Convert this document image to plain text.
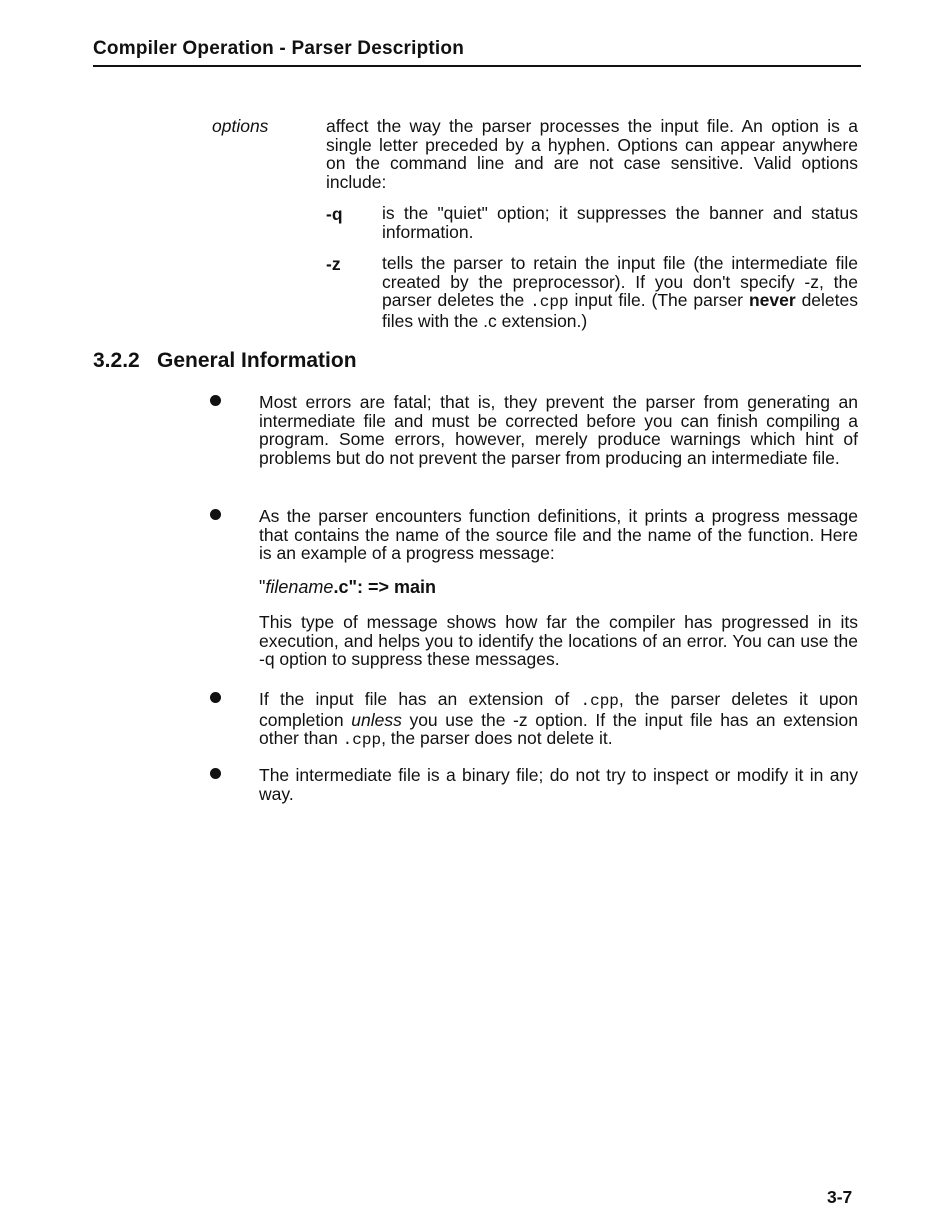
Compiler Operation - Parser Description
options	affect the way the parser processes the input file. An option is a single letter preceded by a hyphen. Options can appear anywhere on the command line and are not case sensitive. Valid options include:
-q is the "quiet" option; it suppresses the banner and status information.
-z tells the parser to retain the input file (the intermediate file created by the preprocessor). If you don't specify -z, the parser deletes the .cpp input file. (The parser never deletes files with the .c extension.)
3.2.2 General Information
Most errors are fatal; that is, they prevent the parser from generating an intermediate file and must be corrected before you can finish compiling a program. Some errors, however, merely produce warnings which hint of problems but do not prevent the parser from producing an intermediate file.
As the parser encounters function definitions, it prints a progress message that contains the name of the source file and the name of the function. Here is an example of a progress message:
"filename.c": => main
This type of message shows how far the compiler has progressed in its execution, and helps you to identify the locations of an error. You can use the -q option to suppress these messages.
If the input file has an extension of .cpp, the parser deletes it upon completion unless you use the -z option. If the input file has an extension other than .cpp, the parser does not delete it.
The intermediate file is a binary file; do not try to inspect or modify it in any way.
3-7
